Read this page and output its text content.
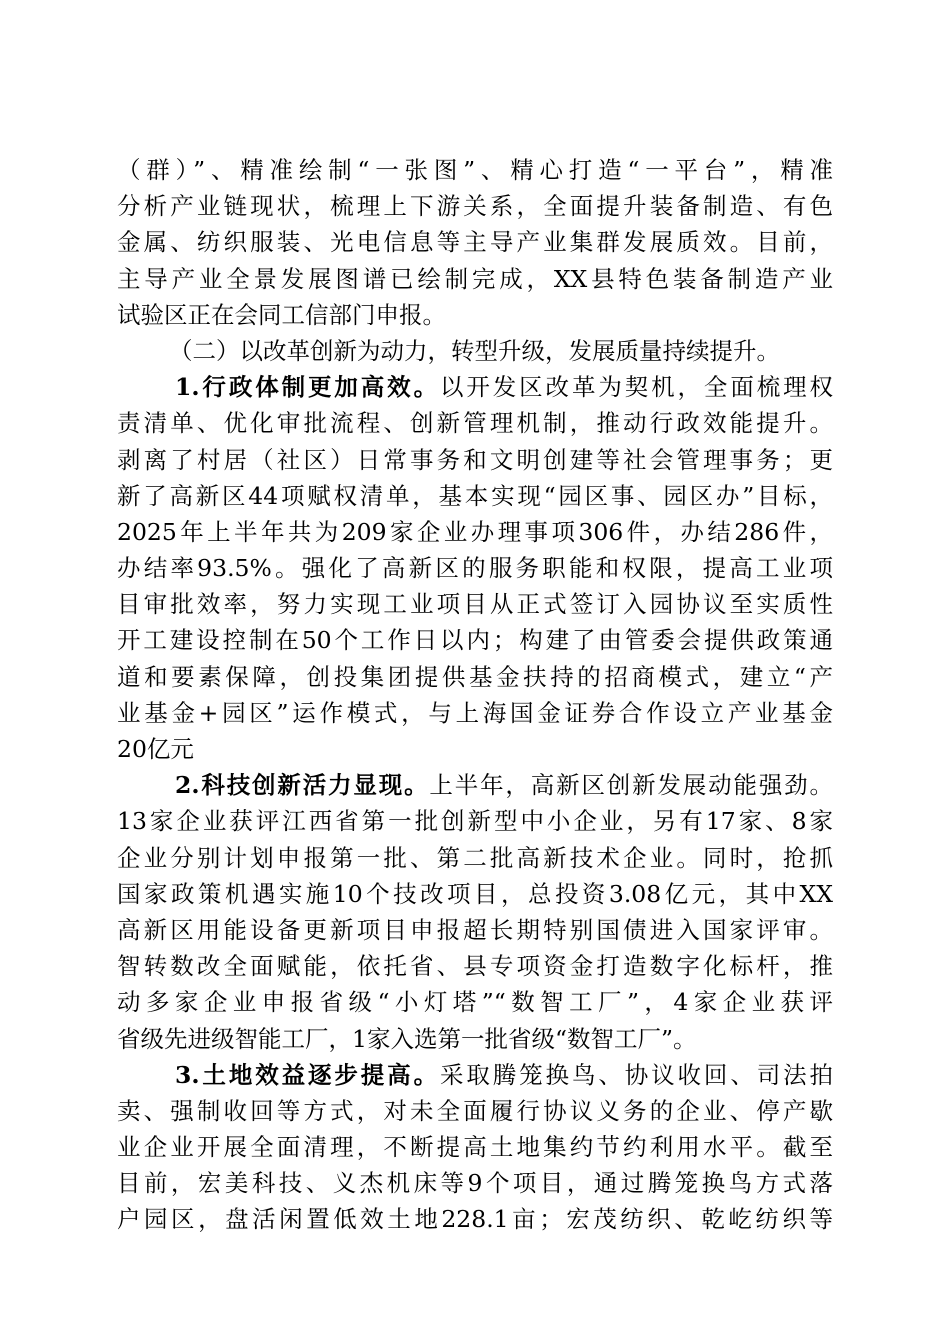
（群）”、精准绘制“一张图”、精心打造“一平台”，精准
分析产业链现状，梳理上下游关系，全面提升装备制造、有色
金属、纺织服装、光电信息等主导产业集群发展质效。目前，
主导产业全景发展图谱已绘制完成，XX县特色装备制造产业
试验区正在会同工信部门申报。
（二）以改革创新为动力，转型升级，发展质量持续提升。
1.行政体制更加高效。以开发区改革为契机，全面梳理权
责清单、优化审批流程、创新管理机制，推动行政效能提升。
剥离了村居（社区）日常事务和文明创建等社会管理事务；更
新了高新区44项赋权清单，基本实现“园区事、园区办”目标，
2025年上半年共为209家企业办理事项306件，办结286件，
办结率93.5%。强化了高新区的服务职能和权限，提高工业项
目审批效率，努力实现工业项目从正式签订入园协议至实质性
开工建设控制在50个工作日以内；构建了由管委会提供政策通
道和要素保障，创投集团提供基金扶持的招商模式，建立“产
业基金+园区”运作模式，与上海国金证券合作设立产业基金
20亿元
2.科技创新活力显现。上半年，高新区创新发展动能强劲。
13家企业获评江西省第一批创新型中小企业，另有17家、8家
企业分别计划申报第一批、第二批高新技术企业。同时，抢抓
国家政策机遇实施10个技改项目，总投资3.08亿元，其中XX
高新区用能设备更新项目申报超长期特别国债进入国家评审。
智转数改全面赋能，依托省、县专项资金打造数字化标杆，推
动多家企业申报省级“小灯塔”“数智工厂”，4家企业获评
省级先进级智能工厂，1家入选第一批省级“数智工厂”。
3.土地效益逐步提高。采取腾笼换鸟、协议收回、司法拍
卖、强制收回等方式，对未全面履行协议义务的企业、停产歇
业企业开展全面清理，不断提高土地集约节约利用水平。截至
目前，宏美科技、义杰机床等9个项目，通过腾笼换鸟方式落
户园区，盘活闲置低效土地228.1亩；宏茂纺织、乾屹纺织等
